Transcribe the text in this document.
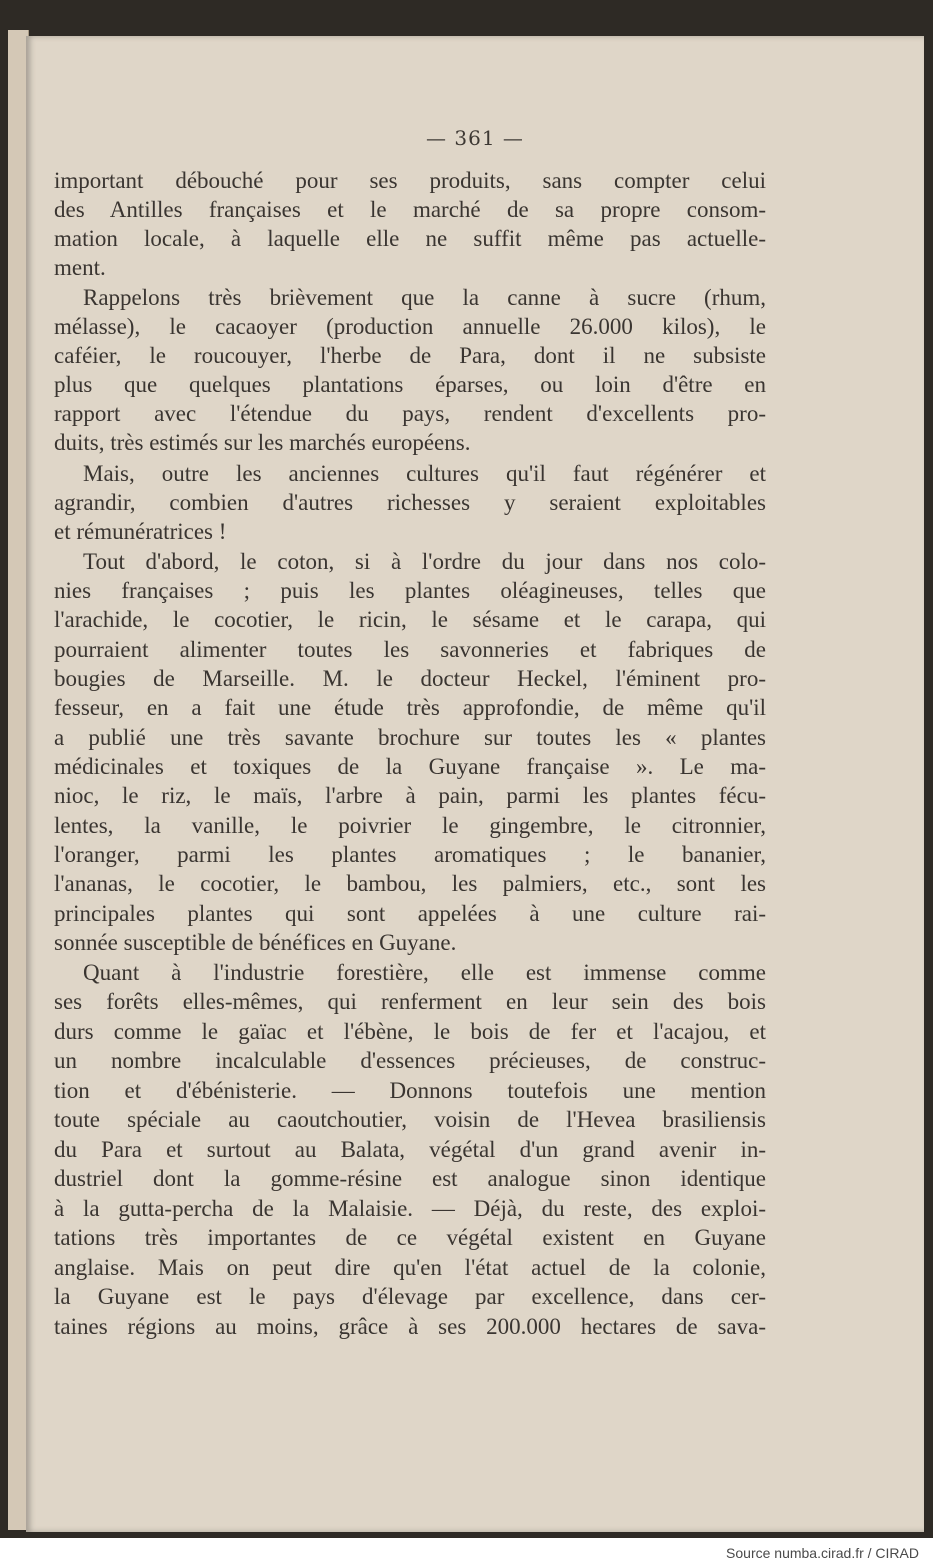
— 361 —
important débouché pour ses produits, sans compter celui
des Antilles françaises et le marché de sa propre consom-
mation locale, à laquelle elle ne suffit même pas actuelle-
ment.
Rappelons très brièvement que la canne à sucre (rhum,
mélasse), le cacaoyer (production annuelle 26.000 kilos), le
caféier, le roucouyer, l'herbe de Para, dont il ne subsiste
plus que quelques plantations éparses, ou loin d'être en
rapport avec l'étendue du pays, rendent d'excellents pro-
duits, très estimés sur les marchés européens.
Mais, outre les anciennes cultures qu'il faut régénérer et
agrandir, combien d'autres richesses y seraient exploitables
et rémunératrices !
Tout d'abord, le coton, si à l'ordre du jour dans nos colo-
nies françaises ; puis les plantes oléagineuses, telles que
l'arachide, le cocotier, le ricin, le sésame et le carapa, qui
pourraient alimenter toutes les savonneries et fabriques de
bougies de Marseille. M. le docteur Heckel, l'éminent pro-
fesseur, en a fait une étude très approfondie, de même qu'il
a publié une très savante brochure sur toutes les « plantes
médicinales et toxiques de la Guyane française ». Le ma-
nioc, le riz, le maïs, l'arbre à pain, parmi les plantes fécu-
lentes, la vanille, le poivrier le gingembre, le citronnier,
l'oranger, parmi les plantes aromatiques ; le bananier,
l'ananas, le cocotier, le bambou, les palmiers, etc., sont les
principales plantes qui sont appelées à une culture rai-
sonnée susceptible de bénéfices en Guyane.
Quant à l'industrie forestière, elle est immense comme
ses forêts elles-mêmes, qui renferment en leur sein des bois
durs comme le gaïac et l'ébène, le bois de fer et l'acajou, et
un nombre incalculable d'essences précieuses, de construc-
tion et d'ébénisterie. — Donnons toutefois une mention
toute spéciale au caoutchoutier, voisin de l'Hevea brasiliensis
du Para et surtout au Balata, végétal d'un grand avenir in-
dustriel dont la gomme-résine est analogue sinon identique
à la gutta-percha de la Malaisie. — Déjà, du reste, des exploi-
tations très importantes de ce végétal existent en Guyane
anglaise. Mais on peut dire qu'en l'état actuel de la colonie,
la Guyane est le pays d'élevage par excellence, dans cer-
taines régions au moins, grâce à ses 200.000 hectares de sava-
Source numba.cirad.fr / CIRAD
